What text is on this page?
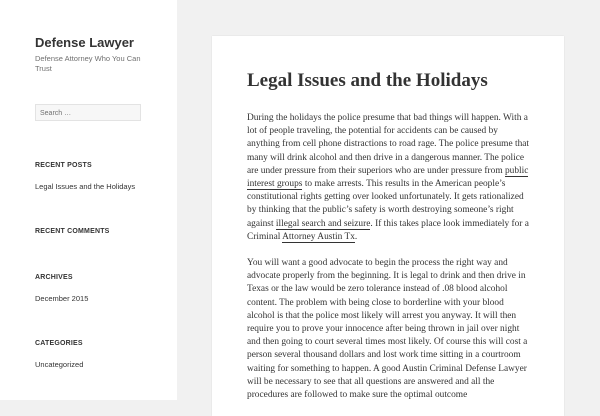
Defense Lawyer
Defense Attorney Who You Can Trust
Search …
RECENT POSTS
Legal Issues and the Holidays
RECENT COMMENTS
ARCHIVES
December 2015
CATEGORIES
Uncategorized
Legal Issues and the Holidays

During the holidays the police presume that bad things will happen. With a lot of people traveling, the potential for accidents can be caused by anything from cell phone distractions to road rage. The police presume that many will drink alcohol and then drive in a dangerous manner. The police are under pressure from their superiors who are under pressure from public interest groups to make arrests. This results in the American people’s constitutional rights getting over looked unfortunately. It gets rationalized by thinking that the public’s safety is worth destroying someone’s right against illegal search and seizure. If this takes place look immediately for a Criminal Attorney Austin Tx.

You will want a good advocate to begin the process the right way and advocate properly from the beginning. It is legal to drink and then drive in Texas or the law would be zero tolerance instead of .08 blood alcohol content. The problem with being close to borderline with your blood alcohol is that the police most likely will arrest you anyway. It will then require you to prove your innocence after being thrown in jail over night and then going to court several times most likely. Of course this will cost a person several thousand dollars and lost work time sitting in a courtroom waiting for something to happen. A good Austin Criminal Defense Lawyer will be necessary to see that all questions are answered and all the procedures are followed to make sure the optimal outcome
